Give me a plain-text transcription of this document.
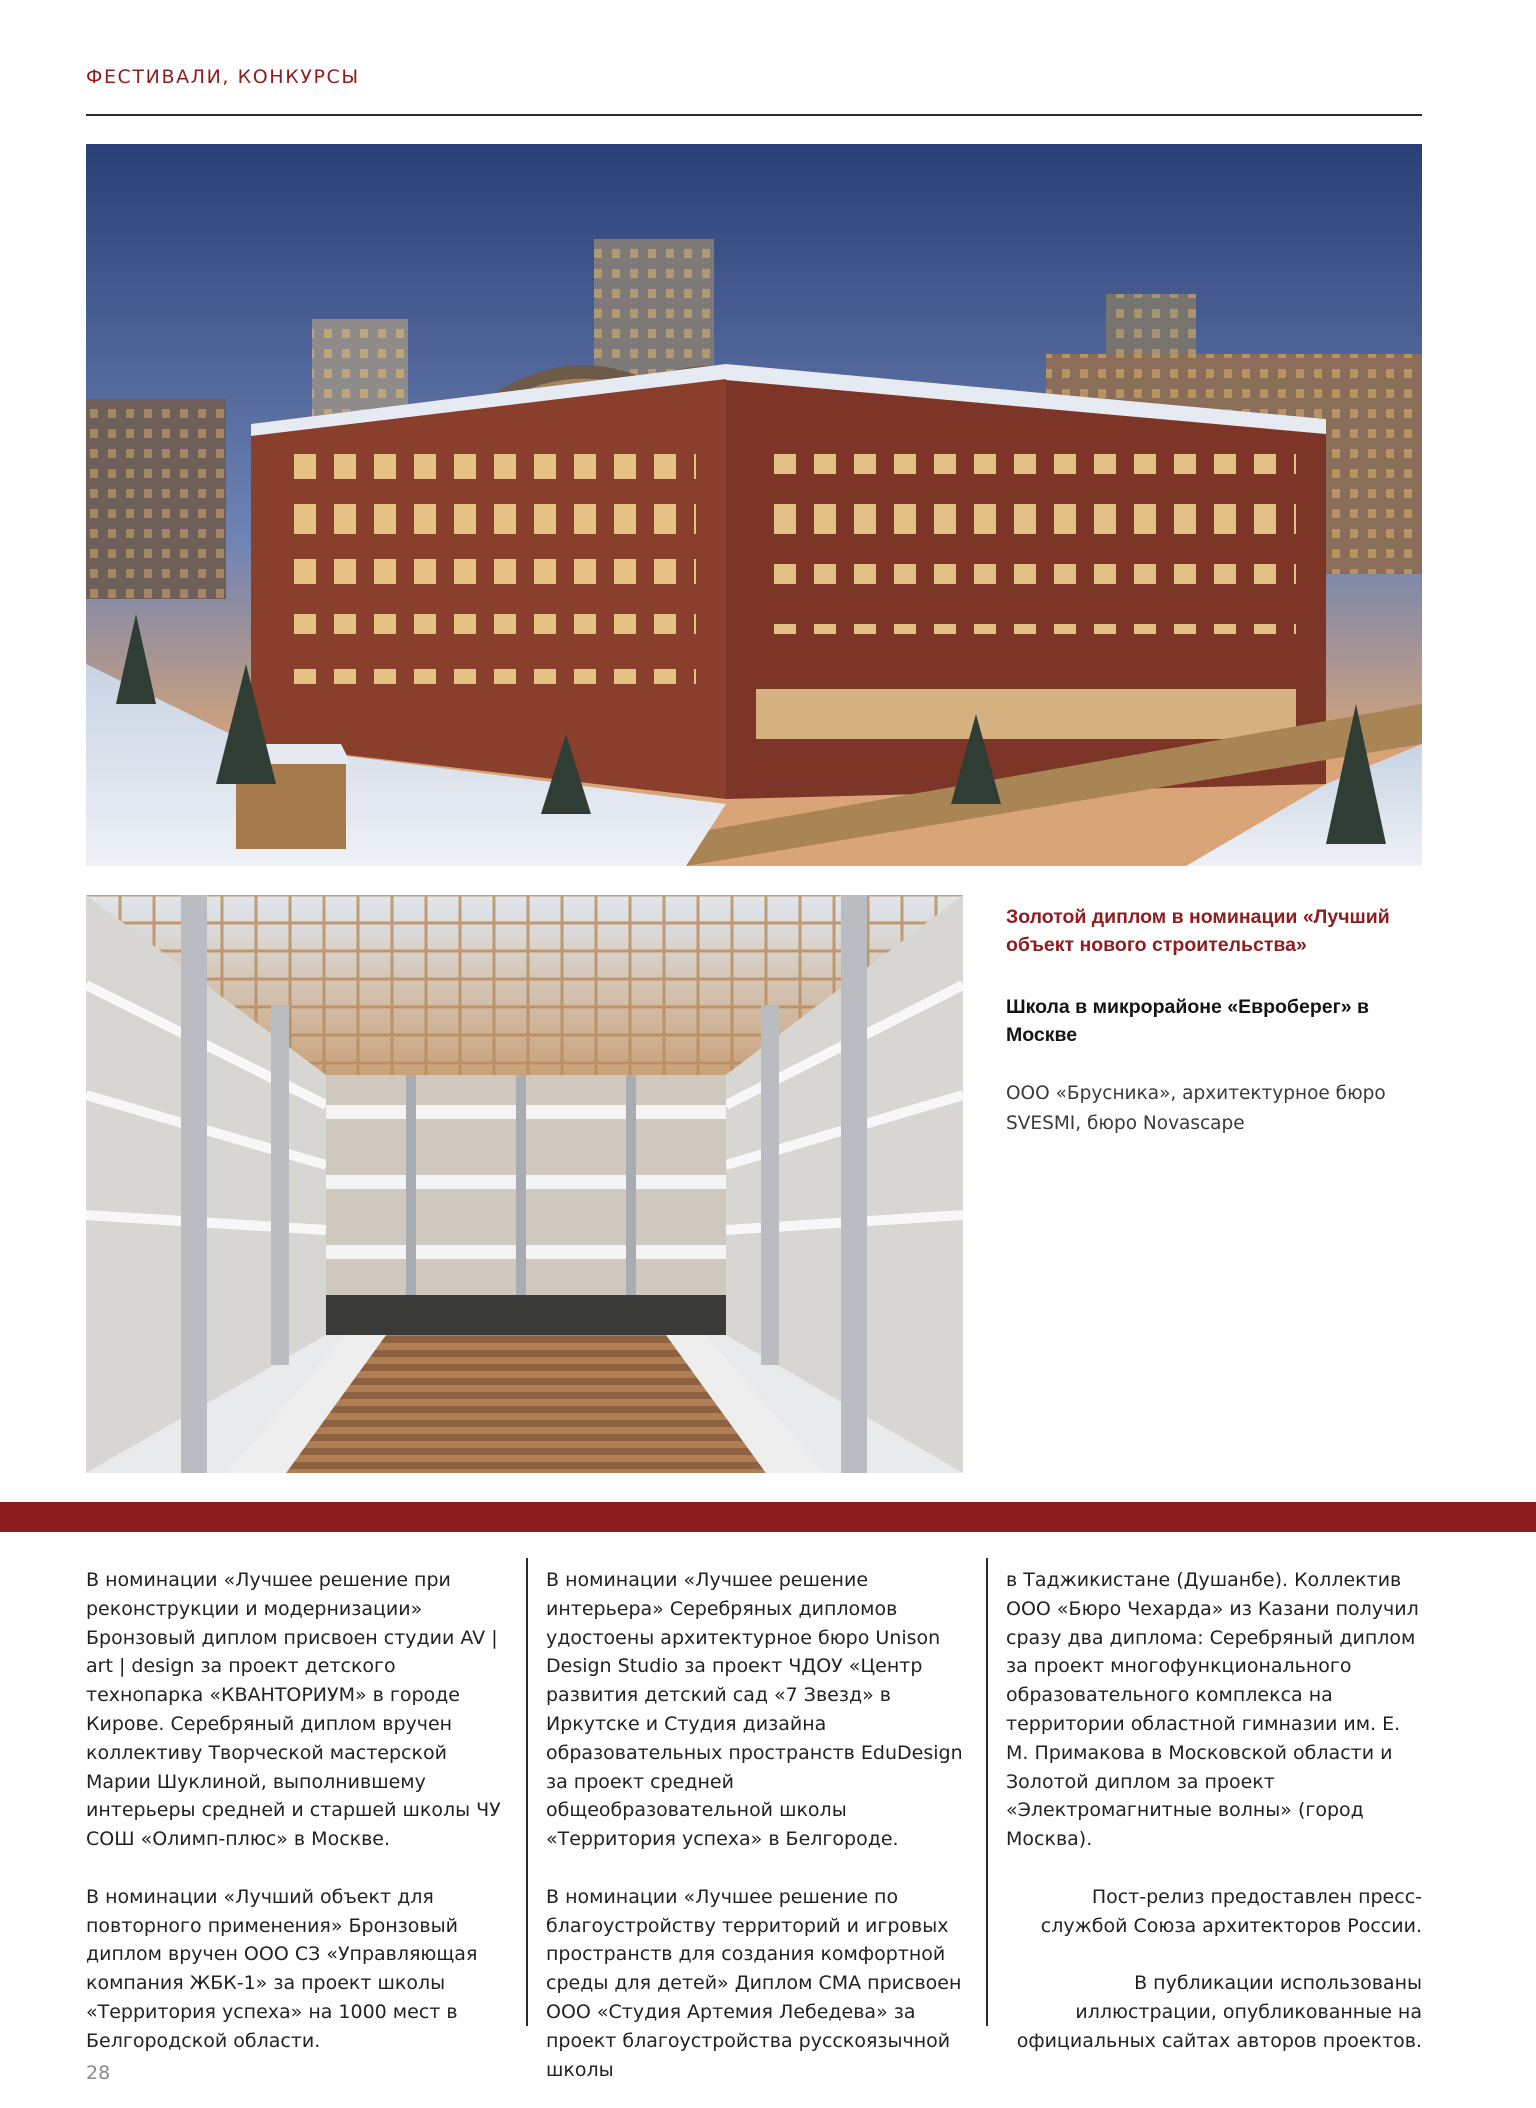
ФЕСТИВАЛИ, КОНКУРСЫ

Золотой диплом в номинации «Лучший объект нового строительства»

Школа в микрорайоне «Евроберег» в Москве

ООО «Брусника», архитектурное бюро SVESMI, бюро Novascape

В номинации «Лучшее решение при реконструкции и модернизации» Бронзовый диплом присвоен студии AV | art | design за проект детского технопарка «КВАНТОРИУМ» в городе Кирове. Серебряный диплом вручен коллективу Творческой мастерской Марии Шуклиной, выполнившему интерьеры средней и старшей школы ЧУ СОШ «Олимп-плюс» в Москве.

В номинации «Лучший объект для повторного применения» Бронзовый диплом вручен ООО СЗ «Управляющая компания ЖБК-1» за проект школы «Территория успеха» на 1000 мест в Белгородской области.

В номинации «Лучшее решение интерьера» Серебряных дипломов удостоены архитектурное бюро Unison Design Studio за проект ЧДОУ «Центр развития детский сад «7 Звезд» в Иркутске и Студия дизайна образовательных пространств EduDesign за проект средней общеобразовательной школы «Территория успеха» в Белгороде.

В номинации «Лучшее решение по благоустройству территорий и игровых пространств для создания комфортной среды для детей» Диплом СМА присвоен ООО «Студия Артемия Лебедева» за проект благоустройства русскоязычной школы

в Таджикистане (Душанбе). Коллектив ООО «Бюро Чехарда» из Казани получил сразу два диплома: Серебряный диплом за проект многофункционального образовательного комплекса на территории областной гимназии им. Е. М. Примакова в Московской области и Золотой диплом за проект «Электромагнитные волны» (город Москва).

Пост-релиз предоставлен пресс-службой Союза архитекторов России.

В публикации использованы иллюстрации, опубликованные на официальных сайтах авторов проектов.

28
